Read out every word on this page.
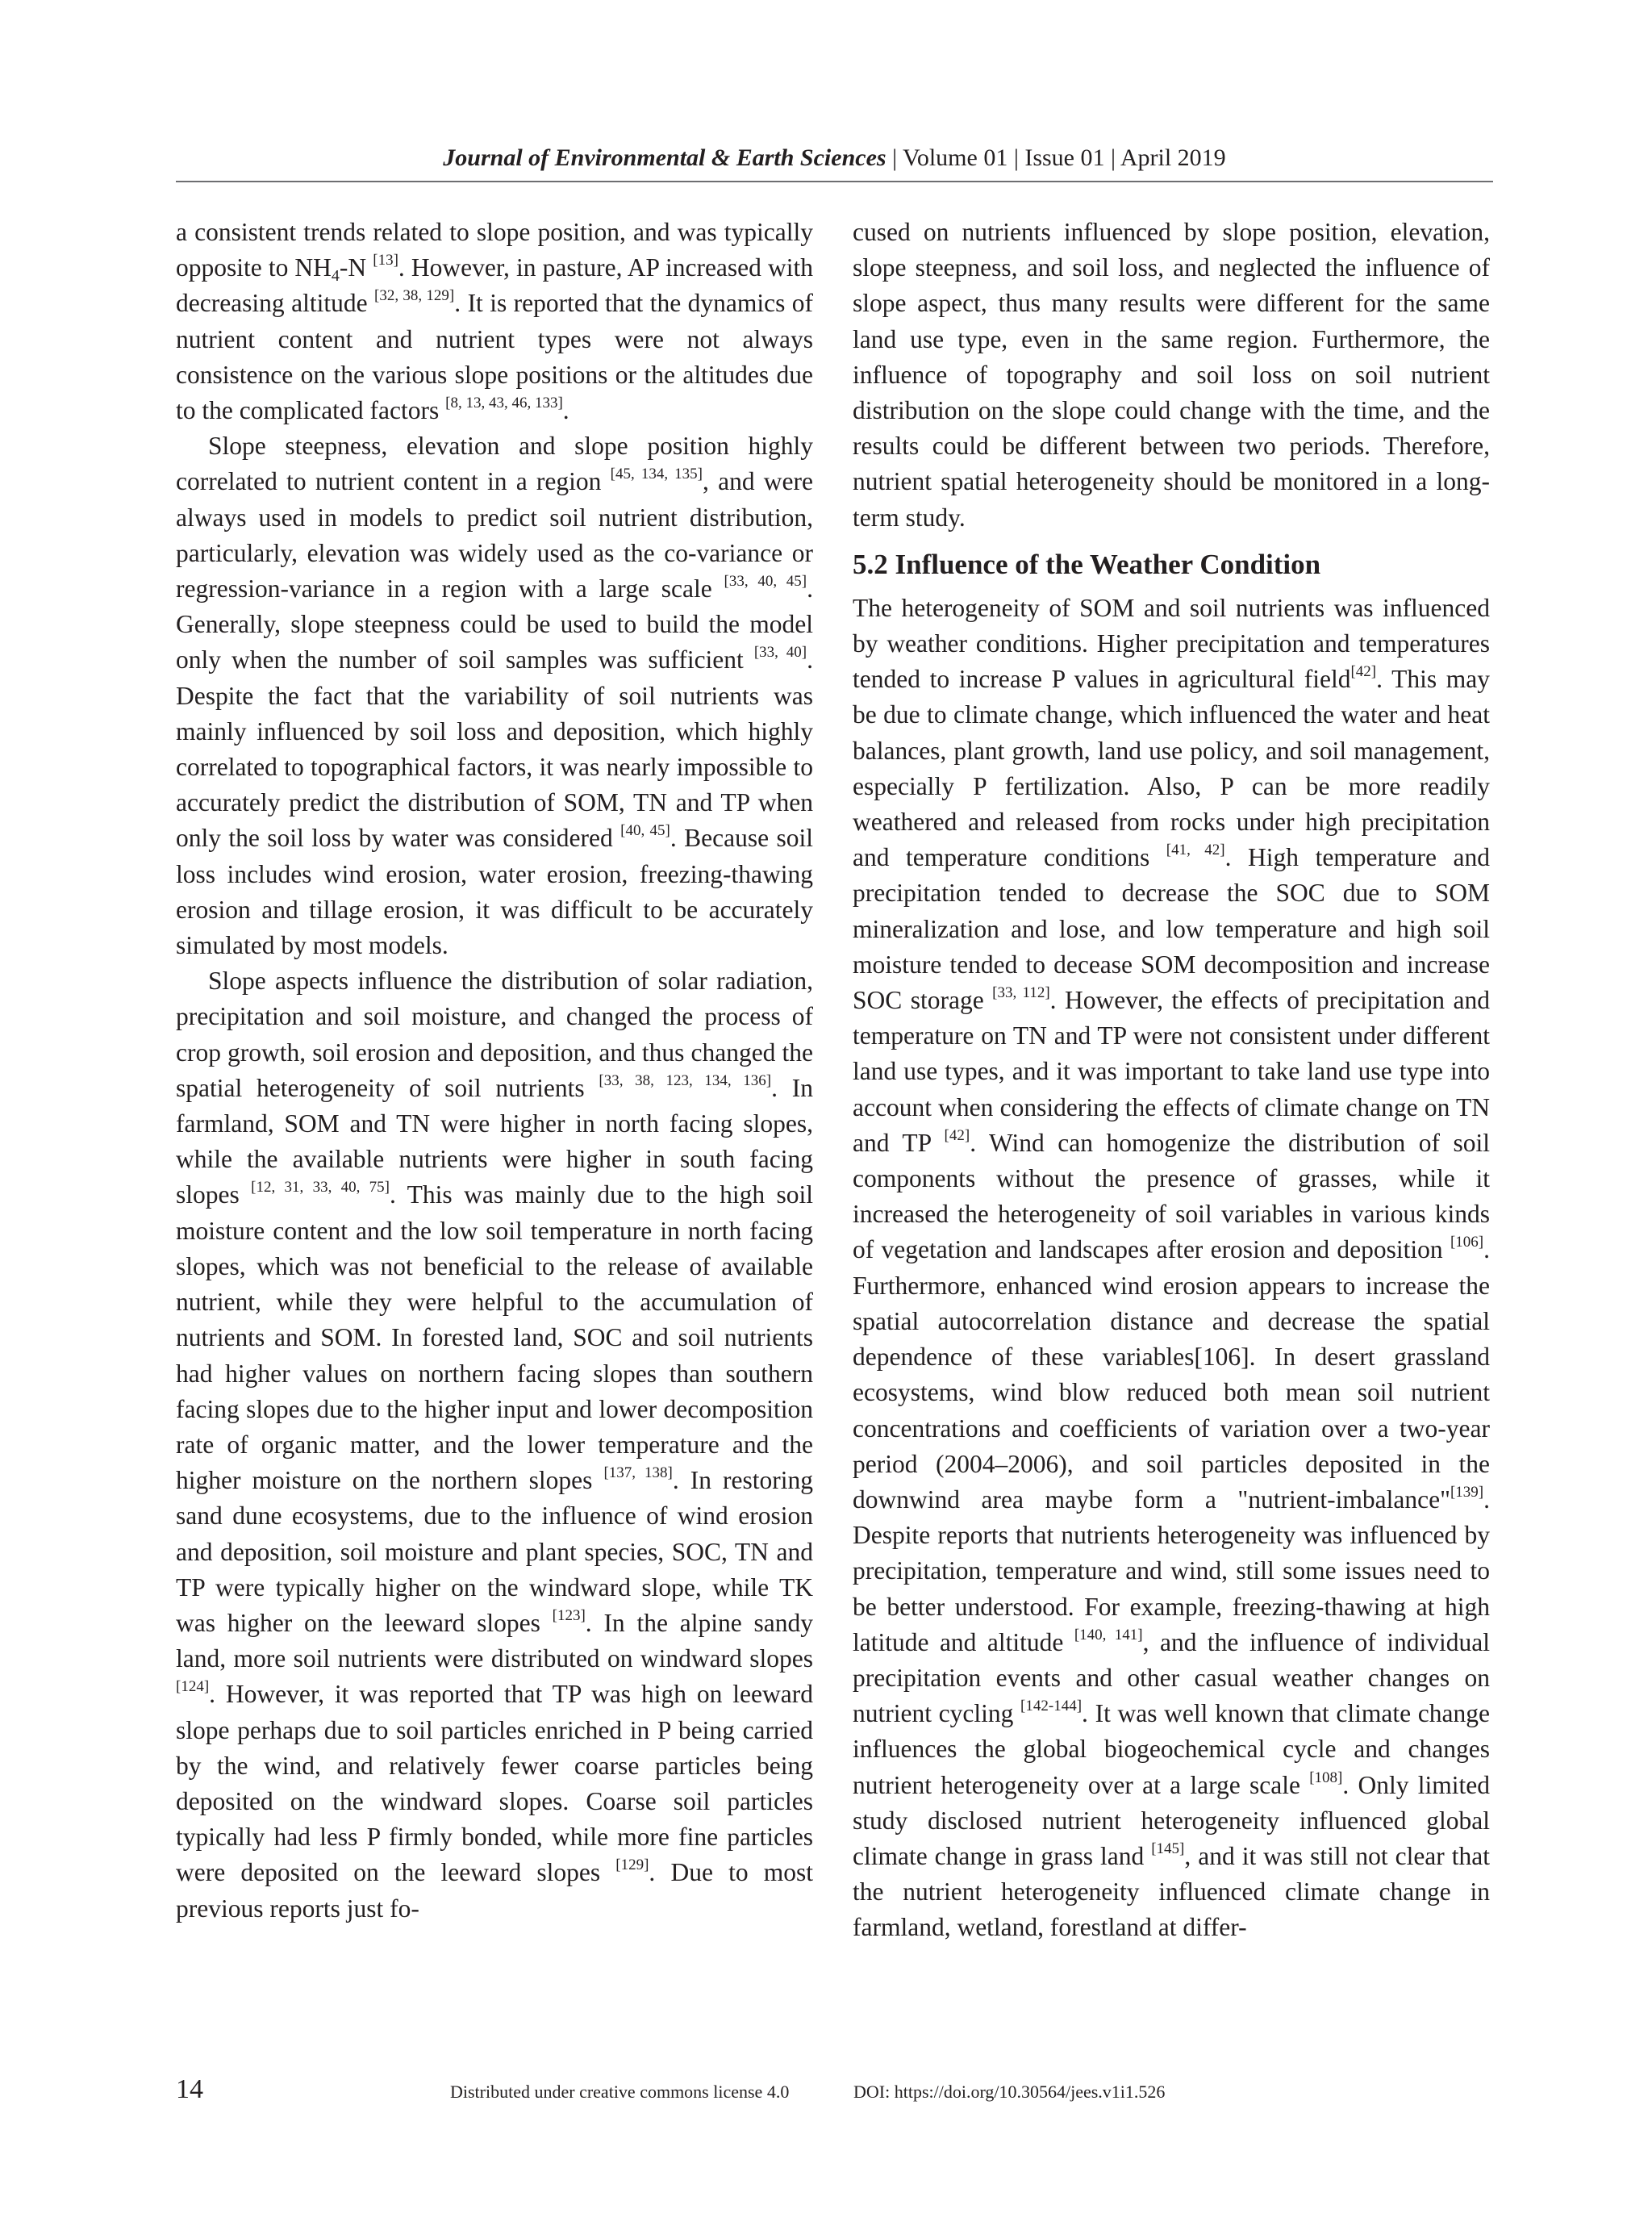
Journal of Environmental & Earth Sciences | Volume 01 | Issue 01 | April 2019

a consistent trends related to slope position, and was typically opposite to $NH_4-N$ [13]. However, in pasture, AP increased with decreasing altitude [32, 38, 129]. It is reported that the dynamics of nutrient content and nutrient types were not always consistence on the various slope positions or the altitudes due to the complicated factors [8, 13, 43, 46, 133].

Slope steepness, elevation and slope position highly correlated to nutrient content in a region [45, 134, 135], and were always used in models to predict soil nutrient distribution, particularly, elevation was widely used as the co-variance or regression-variance in a region with a large scale [33, 40, 45]. Generally, slope steepness could be used to build the model only when the number of soil samples was sufficient [33, 40]. Despite the fact that the variability of soil nutrients was mainly influenced by soil loss and deposition, which highly correlated to topographical factors, it was nearly impossible to accurately predict the distribution of SOM, TN and TP when only the soil loss by water was considered [40, 45]. Because soil loss includes wind erosion, water erosion, freezing-thawing erosion and tillage erosion, it was difficult to be accurately simulated by most models.

Slope aspects influence the distribution of solar radiation, precipitation and soil moisture, and changed the process of crop growth, soil erosion and deposition, and thus changed the spatial heterogeneity of soil nutrients [33, 38, 123, 134, 136]. In farmland, SOM and TN were higher in north facing slopes, while the available nutrients were higher in south facing slopes [12, 31, 33, 40, 75]. This was mainly due to the high soil moisture content and the low soil temperature in north facing slopes, which was not beneficial to the release of available nutrient, while they were helpful to the accumulation of nutrients and SOM. In forested land, SOC and soil nutrients had higher values on northern facing slopes than southern facing slopes due to the higher input and lower decomposition rate of organic matter, and the lower temperature and the higher moisture on the northern slopes [137, 138]. In restoring sand dune ecosystems, due to the influence of wind erosion and deposition, soil moisture and plant species, SOC, TN and TP were typically higher on the windward slope, while TK was higher on the leeward slopes [123]. In the alpine sandy land, more soil nutrients were distributed on windward slopes [124]. However, it was reported that TP was high on leeward slope perhaps due to soil particles enriched in P being carried by the wind, and relatively fewer coarse particles being deposited on the windward slopes. Coarse soil particles typically had less P firmly bonded, while more fine particles were deposited on the leeward slopes [129]. Due to most previous reports just fo-

cused on nutrients influenced by slope position, elevation, slope steepness, and soil loss, and neglected the influence of slope aspect, thus many results were different for the same land use type, even in the same region. Furthermore, the influence of topography and soil loss on soil nutrient distribution on the slope could change with the time, and the results could be different between two periods. Therefore, nutrient spatial heterogeneity should be monitored in a long-term study.

5.2 Influence of the Weather Condition

The heterogeneity of SOM and soil nutrients was influenced by weather conditions. Higher precipitation and temperatures tended to increase P values in agricultural field[42]. This may be due to climate change, which influenced the water and heat balances, plant growth, land use policy, and soil management, especially P fertilization. Also, P can be more readily weathered and released from rocks under high precipitation and temperature conditions [41, 42]. High temperature and precipitation tended to decrease the SOC due to SOM mineralization and lose, and low temperature and high soil moisture tended to decease SOM decomposition and increase SOC storage [33, 112]. However, the effects of precipitation and temperature on TN and TP were not consistent under different land use types, and it was important to take land use type into account when considering the effects of climate change on TN and TP [42]. Wind can homogenize the distribution of soil components without the presence of grasses, while it increased the heterogeneity of soil variables in various kinds of vegetation and landscapes after erosion and deposition [106]. Furthermore, enhanced wind erosion appears to increase the spatial autocorrelation distance and decrease the spatial dependence of these variables[106]. In desert grassland ecosystems, wind blow reduced both mean soil nutrient concentrations and coefficients of variation over a two-year period (2004–2006), and soil particles deposited in the downwind area maybe form a "nutrient-imbalance"[139]. Despite reports that nutrients heterogeneity was influenced by precipitation, temperature and wind, still some issues need to be better understood. For example, freezing-thawing at high latitude and altitude [140, 141], and the influence of individual precipitation events and other casual weather changes on nutrient cycling [142-144]. It was well known that climate change influences the global biogeochemical cycle and changes nutrient heterogeneity over at a large scale [108]. Only limited study disclosed nutrient heterogeneity influenced global climate change in grass land [145], and it was still not clear that the nutrient heterogeneity influenced climate change in farmland, wetland, forestland at differ-

14	Distributed under creative commons license 4.0	DOI: https://doi.org/10.30564/jees.v1i1.526
